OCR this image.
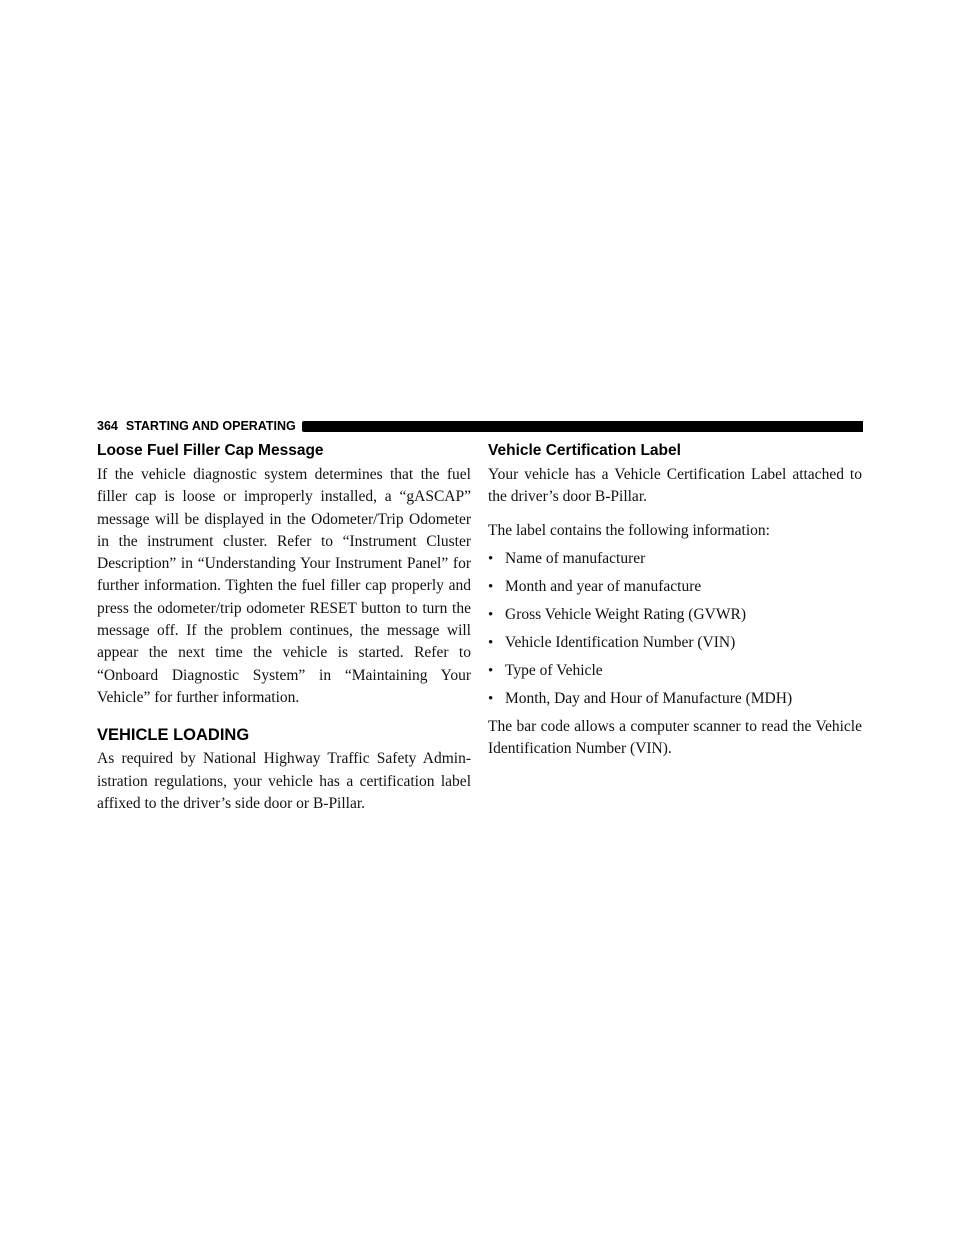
364 STARTING AND OPERATING
Loose Fuel Filler Cap Message

If the vehicle diagnostic system determines that the fuel filler cap is loose or improperly installed, a “gASCAP” message will be displayed in the Odometer/Trip Odometer in the instrument cluster. Refer to “Instrument Cluster Description” in “Understanding Your Instrument Panel” for further information. Tighten the fuel filler cap properly and press the odometer/trip odometer RESET button to turn the message off. If the problem continues, the message will appear the next time the vehicle is started. Refer to “Onboard Diagnostic System” in “Maintaining Your Vehicle” for further information.

VEHICLE LOADING

As required by National Highway Traffic Safety Administration regulations, your vehicle has a certification label affixed to the driver’s side door or B-Pillar.

Vehicle Certification Label

Your vehicle has a Vehicle Certification Label attached to the driver’s door B-Pillar.

The label contains the following information:

• Name of manufacturer
• Month and year of manufacture
• Gross Vehicle Weight Rating (GVWR)
• Vehicle Identification Number (VIN)
• Type of Vehicle
• Month, Day and Hour of Manufacture (MDH)

The bar code allows a computer scanner to read the Vehicle Identification Number (VIN).
